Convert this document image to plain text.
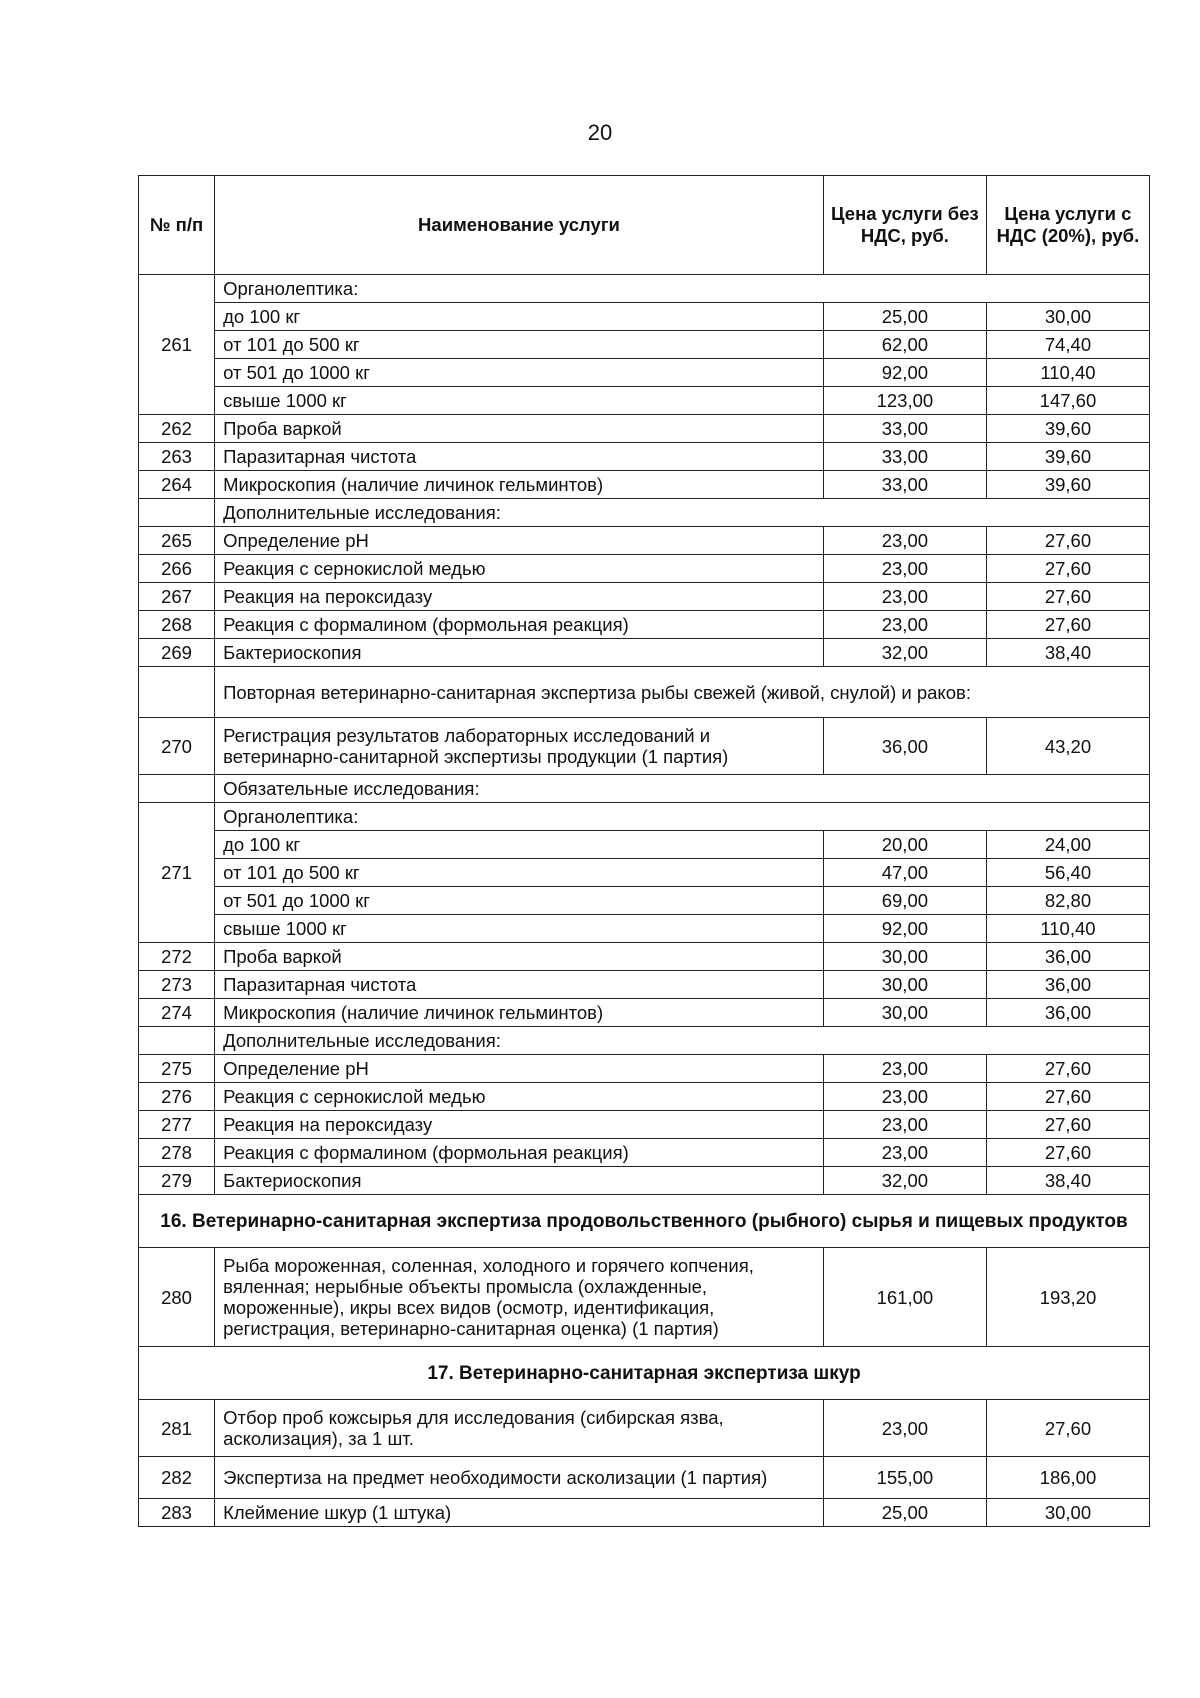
20
№ п/п	Наименование услуги	Цена услуги без НДС, руб.	Цена услуги с НДС (20%), руб.
261	Органолептика:		
	до 100 кг	25,00	30,00
	от 101 до 500 кг	62,00	74,40
	от 501 до 1000 кг	92,00	110,40
	свыше 1000 кг	123,00	147,60
262	Проба варкой	33,00	39,60
263	Паразитарная чистота	33,00	39,60
264	Микроскопия (наличие личинок гельминтов)	33,00	39,60
	Дополнительные исследования:		
265	Определение pH	23,00	27,60
266	Реакция с сернокислой медью	23,00	27,60
267	Реакция на пероксидазу	23,00	27,60
268	Реакция с формалином (формольная реакция)	23,00	27,60
269	Бактериоскопия	32,00	38,40
	Повторная ветеринарно-санитарная экспертиза рыбы свежей (живой, снулой) и раков:		
270	Регистрация результатов лабораторных исследований и ветеринарно-санитарной экспертизы продукции (1 партия)	36,00	43,20
	Обязательные исследования:		
271	Органолептика:		
	до 100 кг	20,00	24,00
	от 101 до 500 кг	47,00	56,40
	от 501 до 1000 кг	69,00	82,80
	свыше 1000 кг	92,00	110,40
272	Проба варкой	30,00	36,00
273	Паразитарная чистота	30,00	36,00
274	Микроскопия (наличие личинок гельминтов)	30,00	36,00
	Дополнительные исследования:		
275	Определение pH	23,00	27,60
276	Реакция с сернокислой медью	23,00	27,60
277	Реакция на пероксидазу	23,00	27,60
278	Реакция с формалином (формольная реакция)	23,00	27,60
279	Бактериоскопия	32,00	38,40
16. Ветеринарно-санитарная экспертиза продовольственного (рыбного) сырья и пищевых продуктов			
280	Рыба мороженная, соленная, холодного и горячего копчения, вяленная; нерыбные объекты промысла (охлажденные, мороженные), икры всех видов (осмотр, идентификация, регистрация, ветеринарно-санитарная оценка) (1 партия)	161,00	193,20
17. Ветеринарно-санитарная экспертиза шкур			
281	Отбор проб кожсырья для исследования (сибирская язва, асколизация), за 1 шт.	23,00	27,60
282	Экспертиза на предмет необходимости асколизации (1 партия)	155,00	186,00
283	Клеймение шкур (1 штука)	25,00	30,00
